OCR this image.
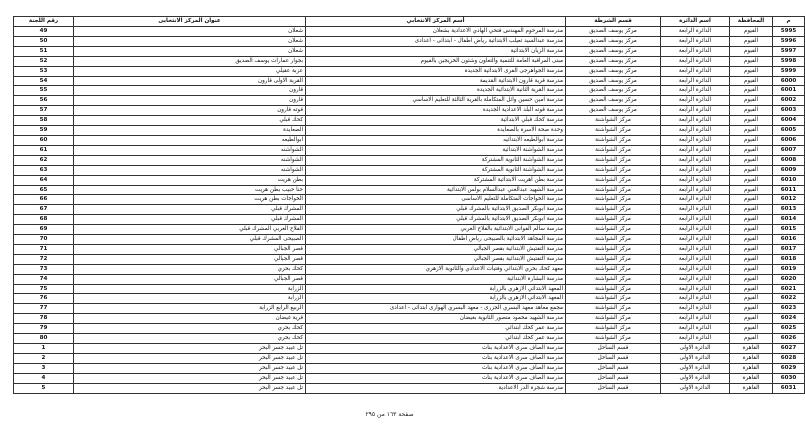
م	المحافظة	اسم الدائرة	قسم الشرطة	أسم المركز الانتخابي	عنوان المركز الانتخابى	رقم اللجنة
5995	الفيوم	الدائرة الرابعة	مركز يوسف الصديق	مدرسة المرحوم المهندس فتحي الهادي الاعدادية بشعلان	شعلان	49
5996	الفيوم	الدائرة الرابعة	مركز يوسف الصديق	مدرسة عبدالسيد تعيلب الابتدائية رياض اطفال - ابتدائى - اعدادى	شعلان	50
5997	الفيوم	الدائرة الرابعة	مركز يوسف الصديق	مدرسة الزيان الابتدائية	شعلان	51
5998	الفيوم	الدائرة الرابعة	مركز يوسف الصديق	مبنى المراقبة العامة للتنمية والتعاون وشئون الخريجين بالفيوم	بجوار عمارات يوسف الصديق	52
5999	الفيوم	الدائرة الرابعة	مركز يوسف الصديق	مدرسة الجواهرجى الفرى الابتدائية الجديدة	عزبة عقيلي	53
6000	الفيوم	الدائرة الرابعة	مركز يوسف الصديق	مدرسة قرية قارون الابتدائية القديمة	القرية الاولى قارون	54
6001	الفيوم	الدائرة الرابعة	مركز يوسف الصديق	مدرسة القرية الثانية الابتدائية الجديدة	قارون	55
6002	الفيوم	الدائرة الرابعة	مركز يوسف الصديق	مدرسة امين حسين وائل المتكاملة بالقرية الثالثة للتعليم الاساسي	قارون	56
6003	الفيوم	الدائرة الرابعة	مركز يوسف الصديق	مدرسة قوته البلد الاعدادية الجديدة	قوته قارون	57
6004	الفيوم	الدائرة الرابعة	مركز الشواشنة	مدرسة كحك قبلي الابتدائية	كحك قبلي	58
6005	الفيوم	الدائرة الرابعة	مركز الشواشنة	وحدة صحة الاسرة بالصعايدة	الصعايدة	59
6006	الفيوم	الدائرة الرابعة	مركز الشواشنة	مدرسة ابوالطيعه الابتدائيه	ابوالطيعه	60
6007	الفيوم	الدائرة الرابعة	مركز الشواشنة	مدرسة الشواشنة الابتدائية	الشواشنه	61
6008	الفيوم	الدائرة الرابعة	مركز الشواشنة	مدرسة الشواشنة الثانوية المشتركة	الشواشنه	62
6009	الفيوم	الدائرة الرابعة	مركز الشواشنة	مدرسة الشواشنة الثانوية المشتركة	الشواشنه	63
6010	الفيوم	الدائرة الرابعة	مركز الشواشنة	مدرسة بطن اهريت الابتدائية المشتركة	بطن هريت	64
6011	الفيوم	الدائرة الرابعة	مركز الشواشنة	مدرسة الشهيد عبدالغني عبدالسلام بولس الابتدائية	حنا حبيب بطن هريت	65
6012	الفيوم	الدائرة الرابعة	مركز الشواشنة	مدرسة الخواجات المتكاملة للتعليم الاساسى	الخواجات بطن هريت	66
6013	الفيوم	الدائرة الرابعة	مركز الشواشنة	مدرسة ابوبكر الصديق الابتدائية بالمشرك قبلي	المشرك قبلي	67
6014	الفيوم	الدائرة الرابعة	مركز الشواشنة	مدرسة ابوبكر الصديق الابتدائية بالمشرك قبلي	المشرك قبلي	68
6015	الفيوم	الدائرة الرابعة	مركز الشواشنة	مدرسة سالم الفوانى الابتدائية بالفلاح الغربي	الفلاح الغربي المشرك قبلي	69
6016	الفيوم	الدائرة الرابعة	مركز الشواشنة	مدرسة المجاهد الابتدائية بالصبيحى رياض اطفال	الصبيحى المشرك قبلي	70
6017	الفيوم	الدائرة الرابعة	مركز الشواشنة	مدرسة التفتيش الابتدائية بقصر الجبالي	قصر الجبالي	71
6018	الفيوم	الدائرة الرابعة	مركز الشواشنة	مدرسة التفتيش الابتدائية بقصر الجبالي	قصر الجبالي	72
6019	الفيوم	الدائرة الرابعة	مركز الشواشنة	معهد كحك بحري الابتدائي وفتيات الاعدادي والثانوية الازهري	كحك بحري	73
6020	الفيوم	الدائرة الرابعة	مركز الشواشنة	مدرسة البشارة الابتدائية	قصر الجبالي	74
6021	الفيوم	الدائرة الرابعة	مركز الشواشنة	المعهد الابتدائي الازهري بالزرابة	الزرابة	75
6022	الفيوم	الدائرة الرابعة	مركز الشواشنة	المعهد الابتدائي الازهري بالزرابة	الزرابة	76
6023	الفيوم	الدائرة الرابعة	مركز الشواشنة	مجمع معاهد معهد البسري الجزرى - معهد البسري الهوارى ابتدائى - اعدادى	الربيع الرابع الزرابة	77
6024	الفيوم	الدائرة الرابعة	مركز الشواشنة	مدرسة الشهيد محمود منصور الثانوية بغيضان	قرية غيضان	78
6025	الفيوم	الدائرة الرابعة	مركز الشواشنة	مدرسة عمر كحك ابتدائي	كحك بحري	79
6026	الفيوم	الدائرة الرابعة	مركز الشواشنة	مدرسة عمر كحك ابتدائي	كحك بحري	80
6027	القاهرة	الدائرة الاولى	قسم الساحل	مدرسة الصاف سرى الاعدادية بنات	تل عبيد جسر البحر	1
6028	القاهرة	الدائرة الاولى	قسم الساحل	مدرسة الصاف سرى الاعدادية بنات	تل عبيد جسر البحر	2
6029	القاهرة	الدائرة الاولى	قسم الساحل	مدرسة الصاف سرى الاعدادية بنات	تل عبيد جسر البحر	3
6030	القاهرة	الدائرة الاولى	قسم الساحل	مدرسة الصاف سرى الاعدادية بنات	تل عبيد جسر البحر	4
6031	القاهرة	الدائرة الاولى	قسم الساحل	مدرسة شجرة الدر الاعدادية	تل عبيد جسر البحر	5
صفحة ١٦٣ من ٢٩٥
